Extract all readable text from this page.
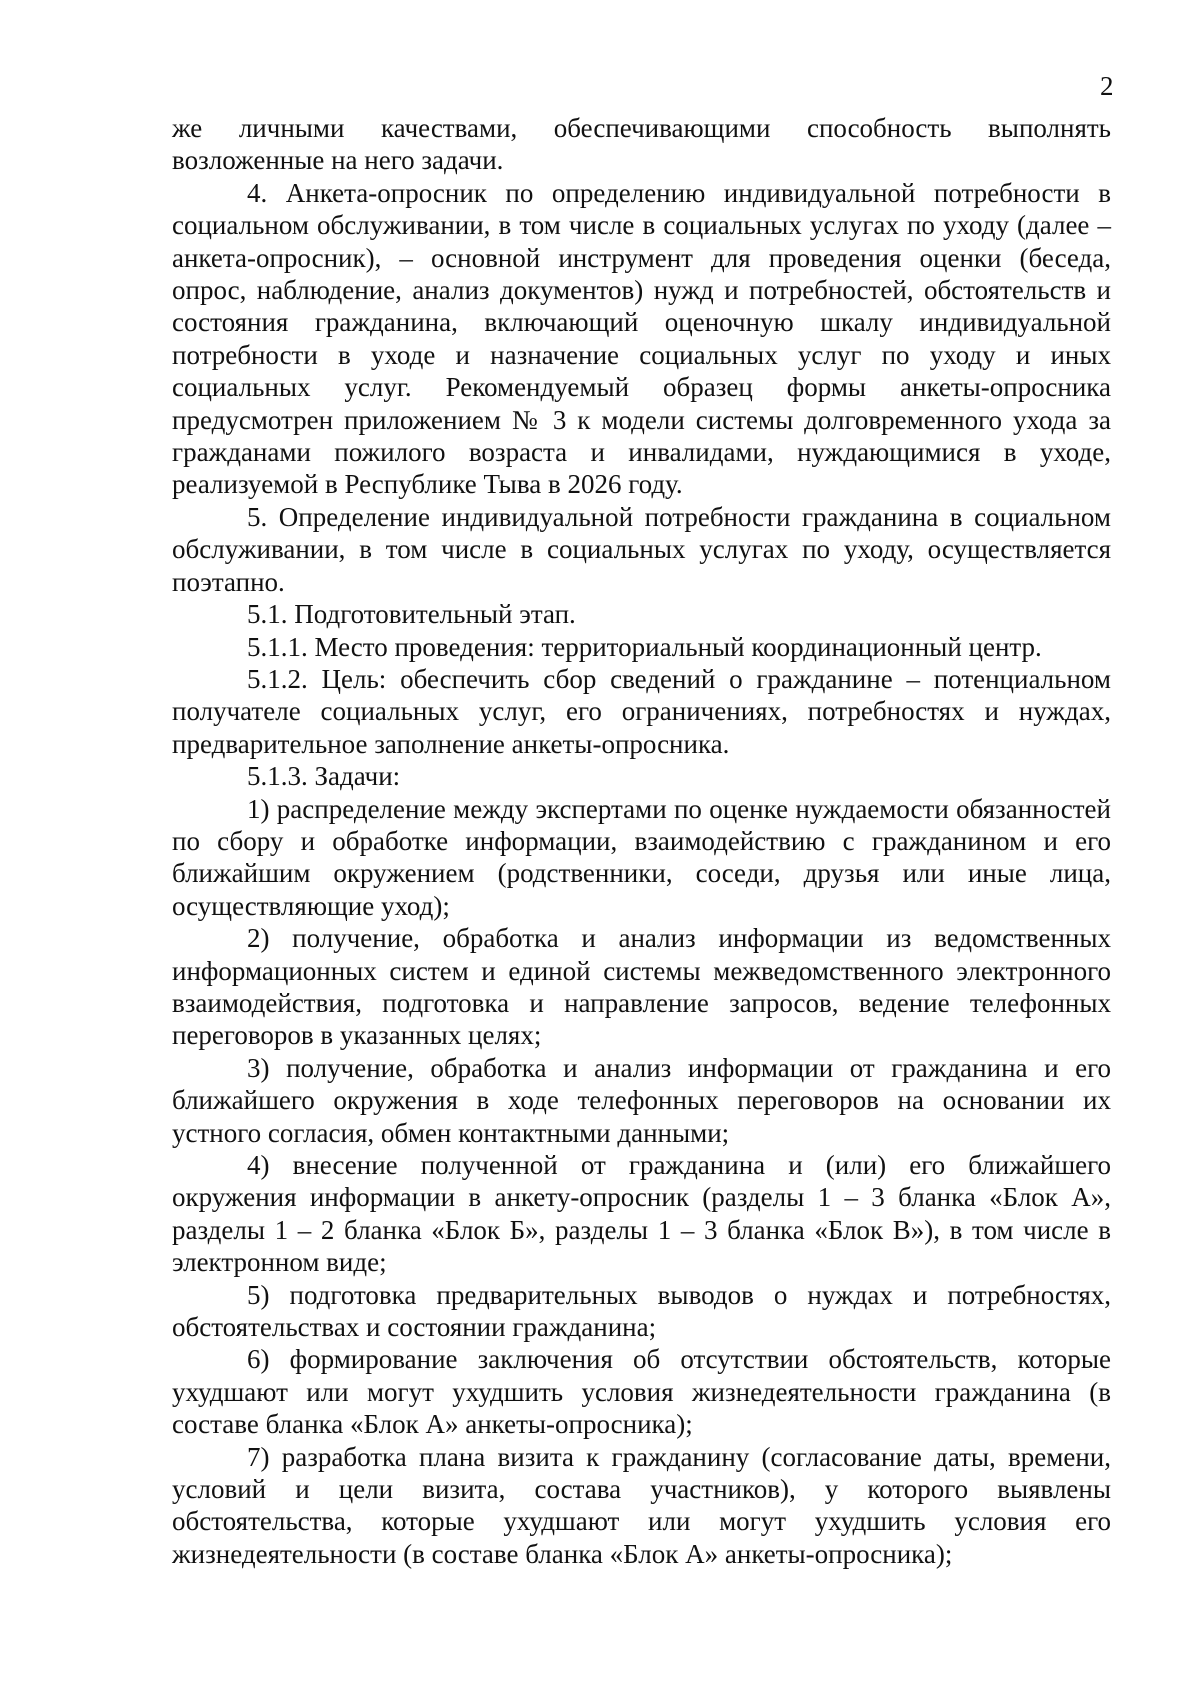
2

же личными качествами, обеспечивающими способность выполнять возложенные на него задачи.

4. Анкета-опросник по определению индивидуальной потребности в социальном обслуживании, в том числе в социальных услугах по уходу (далее – анкета-опросник), – основной инструмент для проведения оценки (беседа, опрос, наблюдение, анализ документов) нужд и потребностей, обстоятельств и состояния гражданина, включающий оценочную шкалу индивидуальной потребности в уходе и назначение социальных услуг по уходу и иных социальных услуг. Рекомендуемый образец формы анкеты-опросника предусмотрен приложением № 3 к модели системы долговременного ухода за гражданами пожилого возраста и инвалидами, нуждающимися в уходе, реализуемой в Республике Тыва в 2026 году.

5. Определение индивидуальной потребности гражданина в социальном обслуживании, в том числе в социальных услугах по уходу, осуществляется поэтапно.

5.1. Подготовительный этап.

5.1.1. Место проведения: территориальный координационный центр.

5.1.2. Цель: обеспечить сбор сведений о гражданине – потенциальном получателе социальных услуг, его ограничениях, потребностях и нуждах, предварительное заполнение анкеты-опросника.

5.1.3. Задачи:

1) распределение между экспертами по оценке нуждаемости обязанностей по сбору и обработке информации, взаимодействию с гражданином и его ближайшим окружением (родственники, соседи, друзья или иные лица, осуществляющие уход);

2) получение, обработка и анализ информации из ведомственных информационных систем и единой системы межведомственного электронного взаимодействия, подготовка и направление запросов, ведение телефонных переговоров в указанных целях;

3) получение, обработка и анализ информации от гражданина и его ближайшего окружения в ходе телефонных переговоров на основании их устного согласия, обмен контактными данными;

4) внесение полученной от гражданина и (или) его ближайшего окружения информации в анкету-опросник (разделы 1 – 3 бланка «Блок А», разделы 1 – 2 бланка «Блок Б», разделы 1 – 3 бланка «Блок В»), в том числе в электронном виде;

5) подготовка предварительных выводов о нуждах и потребностях, обстоятельствах и состоянии гражданина;

6) формирование заключения об отсутствии обстоятельств, которые ухудшают или могут ухудшить условия жизнедеятельности гражданина (в составе бланка «Блок А» анкеты-опросника);

7) разработка плана визита к гражданину (согласование даты, времени, условий и цели визита, состава участников), у которого выявлены обстоятельства, которые ухудшают или могут ухудшить условия его жизнедеятельности (в составе бланка «Блок А» анкеты-опросника);
